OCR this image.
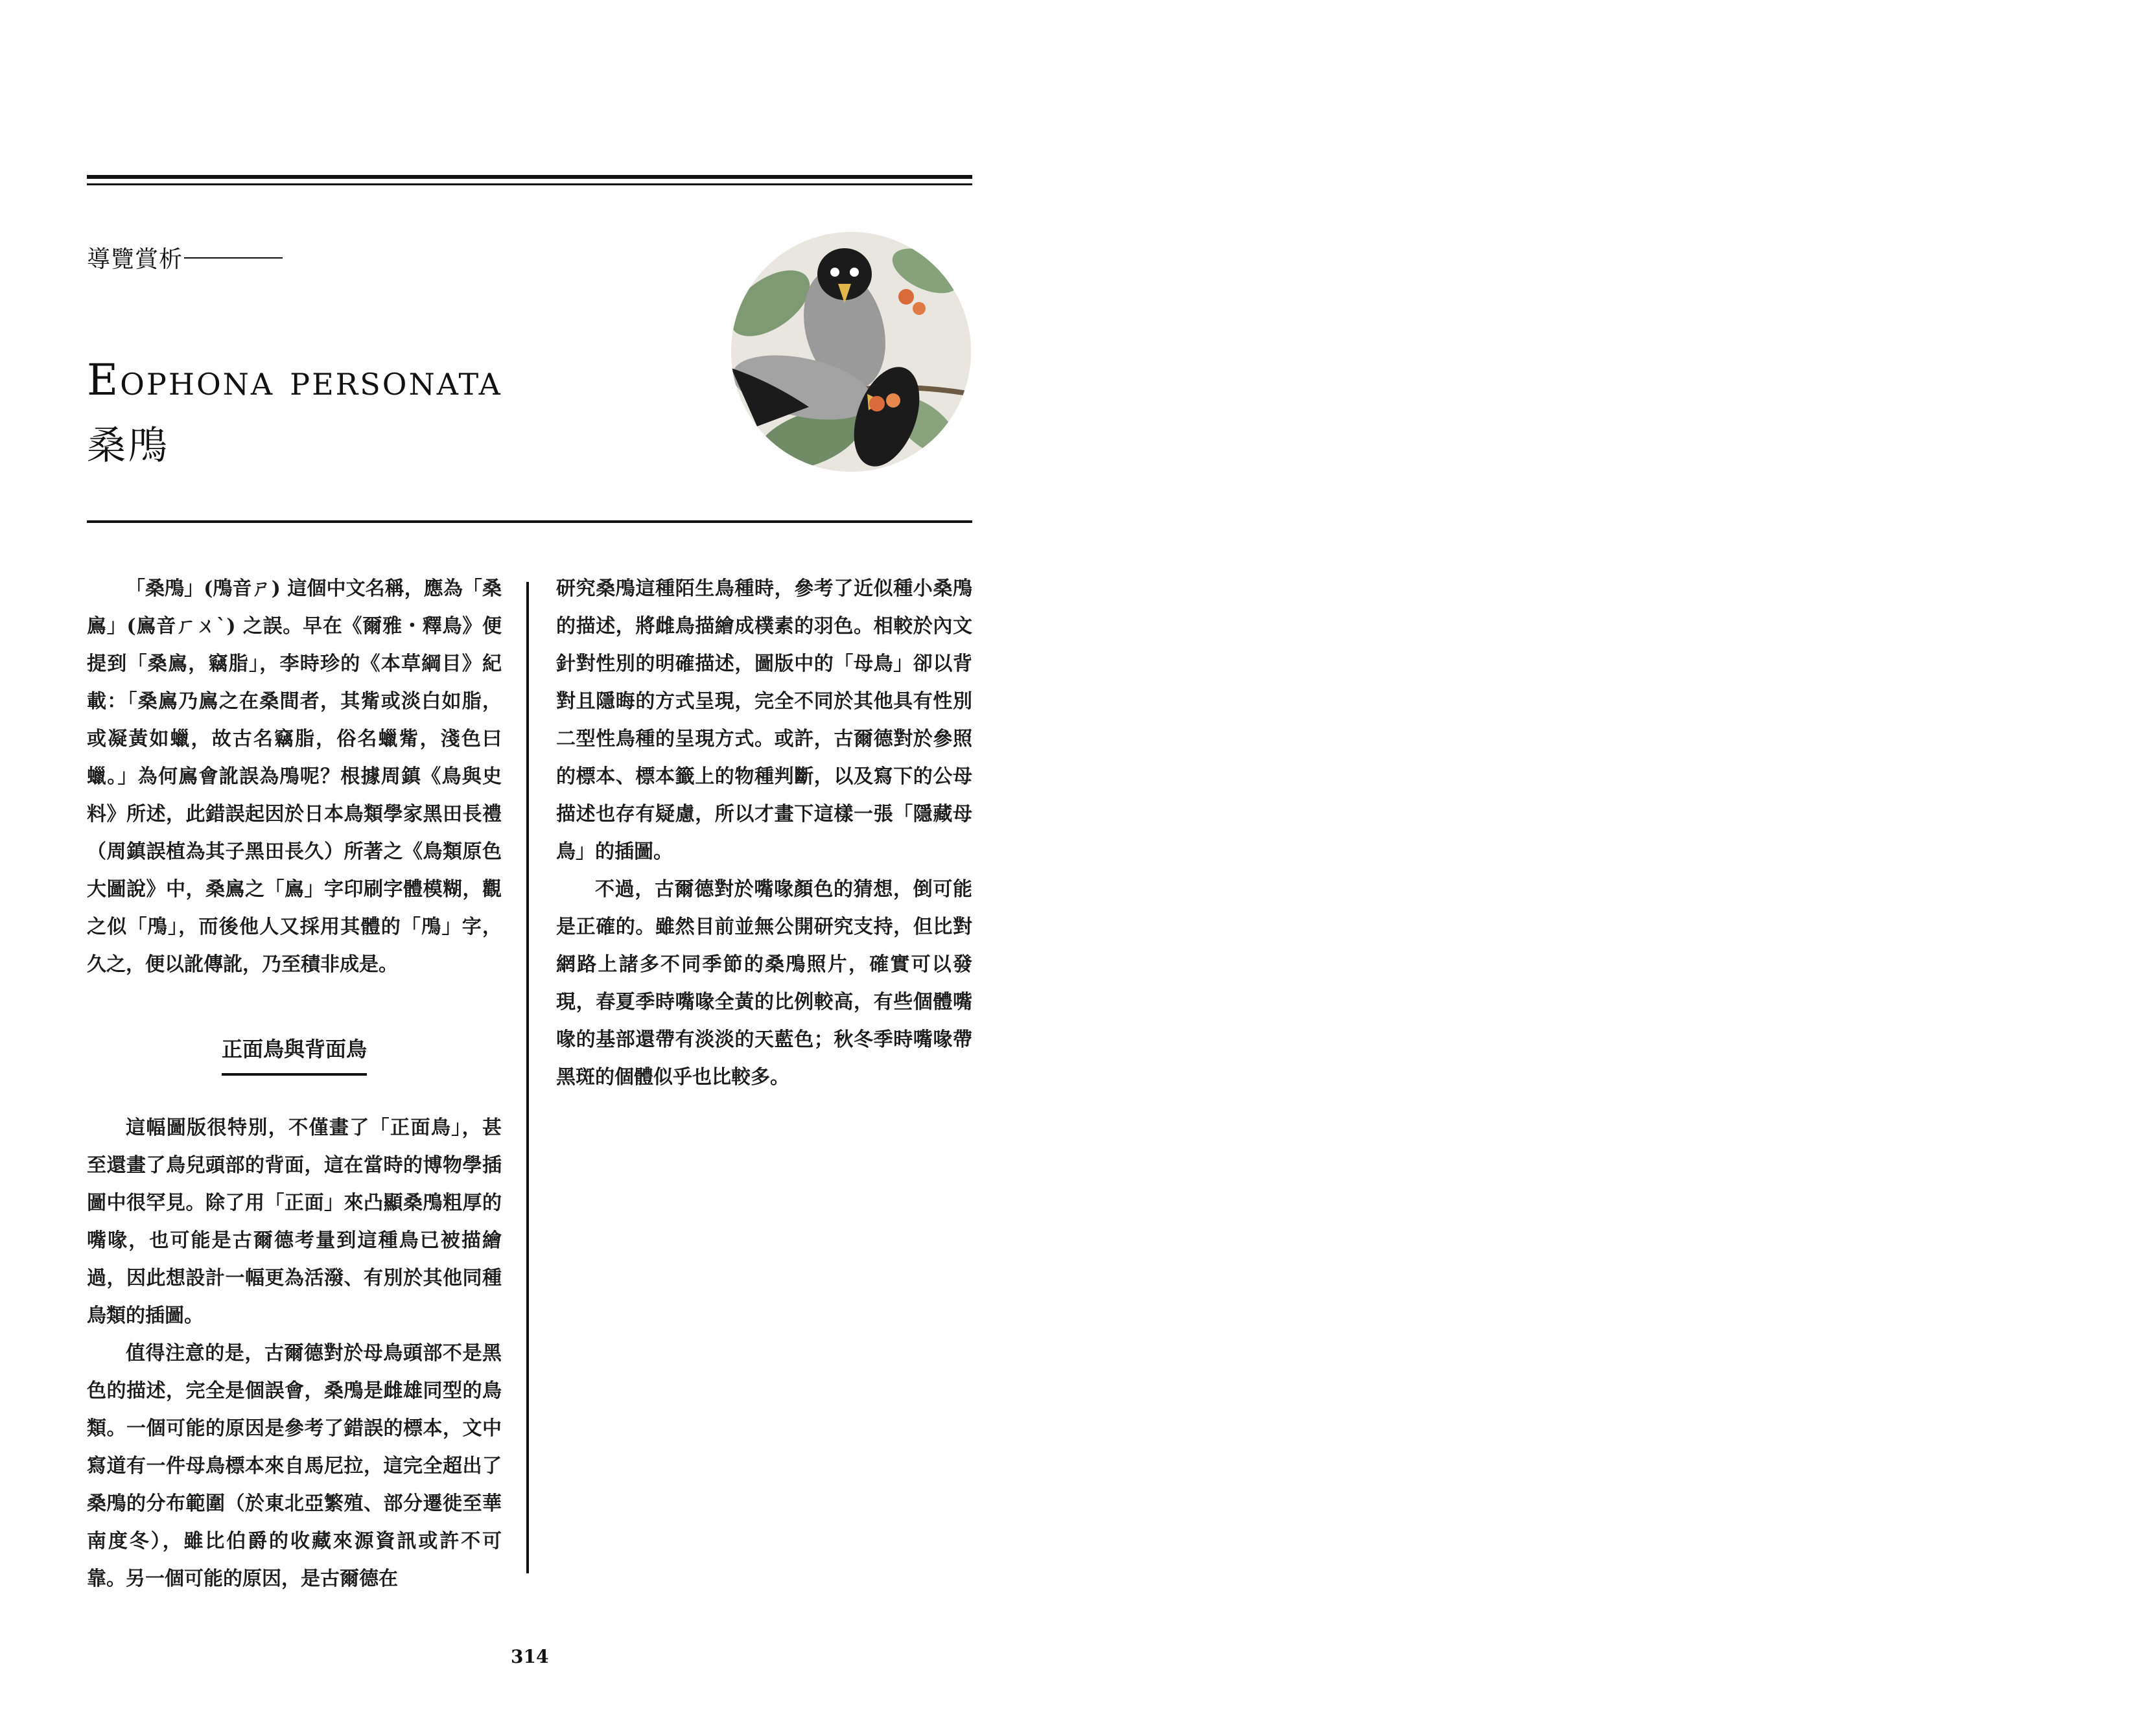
導覽賞析
Eophona personata
桑鳲

「桑鳲」(鳲音ㄕ) 這個中文名稱，應為「桑鳸」(鳸音ㄏㄨˋ) 之誤。早在《爾雅・釋鳥》便提到「桑鳸，竊脂」，李時珍的《本草綱目》紀載：「桑鳸乃鳸之在桑間者，其觜或淡白如脂，或凝黃如蠟，故古名竊脂，俗名蠟觜，淺色曰蠟。」為何鳸會訛誤為鳲呢？根據周鎮《鳥與史料》所述，此錯誤起因於日本鳥類學家黑田長禮（周鎮誤植為其子黑田長久）所著之《鳥類原色大圖說》中，桑鳸之「鳸」字印刷字體模糊，觀之似「鳲」，而後他人又採用其體的「鳲」字，久之，便以訛傳訛，乃至積非成是。

正面鳥與背面鳥

這幅圖版很特別，不僅畫了「正面鳥」，甚至還畫了鳥兒頭部的背面，這在當時的博物學插圖中很罕見。除了用「正面」來凸顯桑鳲粗厚的嘴喙，也可能是古爾德考量到這種鳥已被描繪過，因此想設計一幅更為活潑、有別於其他同種鳥類的插圖。

值得注意的是，古爾德對於母鳥頭部不是黑色的描述，完全是個誤會，桑鳲是雌雄同型的鳥類。一個可能的原因是參考了錯誤的標本，文中寫道有一件母鳥標本來自馬尼拉，這完全超出了桑鳲的分布範圍（於東北亞繁殖、部分遷徙至華南度冬），雖比伯爵的收藏來源資訊或許不可靠。另一個可能的原因，是古爾德在

研究桑鳲這種陌生鳥種時，參考了近似種小桑鳲的描述，將雌鳥描繪成樸素的羽色。相較於內文針對性別的明確描述，圖版中的「母鳥」卻以背對且隱晦的方式呈現，完全不同於其他具有性別二型性鳥種的呈現方式。或許，古爾德對於參照的標本、標本籤上的物種判斷，以及寫下的公母描述也存有疑慮，所以才畫下這樣一張「隱藏母鳥」的插圖。

不過，古爾德對於嘴喙顏色的猜想，倒可能是正確的。雖然目前並無公開研究支持，但比對網路上諸多不同季節的桑鳲照片，確實可以發現，春夏季時嘴喙全黃的比例較高，有些個體嘴喙的基部還帶有淡淡的天藍色；秋冬季時嘴喙帶黑斑的個體似乎也比較多。

314
